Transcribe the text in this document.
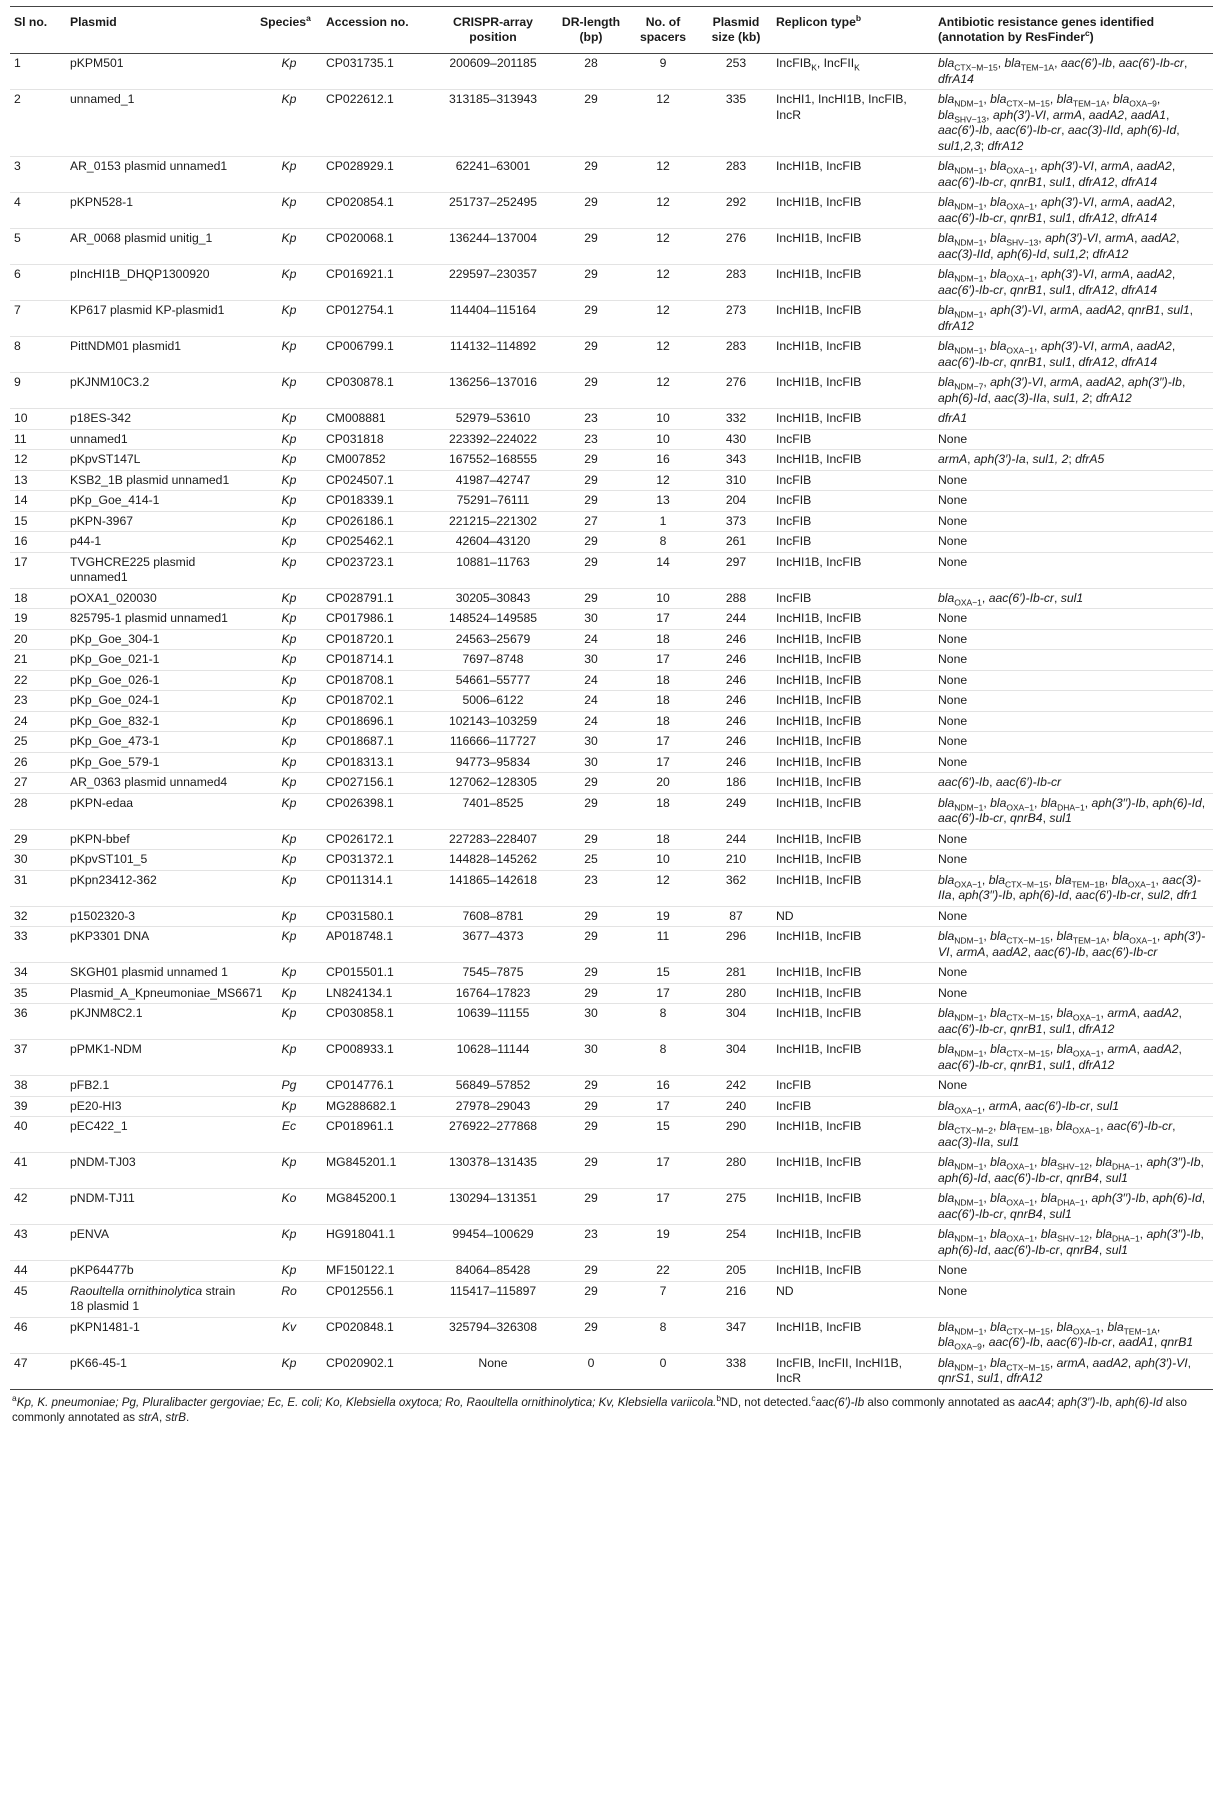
Sl no.	Plasmid	Species$^a$	Accession no.	CRISPR-array position	DR-length (bp)	No. of spacers	Plasmid size (kb)	Replicon type$^b$	Antibiotic resistance genes identified (annotation by ResFinder$^c$)
1	pKPM501	Kp	CP031735.1	200609–201185	28	9	253	IncFIB$_K$, IncFII$_K$	bla$_{CTX-M-15}$, bla$_{TEM-1A}$, aac(6′)-Ib, aac(6′)-Ib-cr, dfrA14
2	unnamed_1	Kp	CP022612.1	313185–313943	29	12	335	IncHI1, IncHI1B, IncFIB, IncR	bla$_{NDM-1}$, bla$_{CTX-M-15}$, bla$_{TEM-1A}$, bla$_{OXA-9}$, bla$_{SHV-13}$, aph(3′)-VI, armA, aadA2, aadA1, aac(6′)-Ib, aac(6′)-Ib-cr, aac(3)-IId, aph(6)-Id, sul1,2,3; dfrA12
3	AR_0153 plasmid unnamed1	Kp	CP028929.1	62241–63001	29	12	283	IncHI1B, IncFIB	bla$_{NDM-1}$, bla$_{OXA-1}$, aph(3′)-VI, armA, aadA2, aac(6′)-Ib-cr, qnrB1, sul1, dfrA12, dfrA14
4	pKPN528-1	Kp	CP020854.1	251737–252495	29	12	292	IncHI1B, IncFIB	bla$_{NDM-1}$, bla$_{OXA-1}$, aph(3′)-VI, armA, aadA2, aac(6′)-Ib-cr, qnrB1, sul1, dfrA12, dfrA14
5	AR_0068 plasmid unitig_1	Kp	CP020068.1	136244–137004	29	12	276	IncHI1B, IncFIB	bla$_{NDM-1}$, bla$_{SHV-13}$, aph(3′)-VI, armA, aadA2, aac(3)-IId, aph(6)-Id, sul1,2; dfrA12
6	pIncHI1B_DHQP1300920	Kp	CP016921.1	229597–230357	29	12	283	IncHI1B, IncFIB	bla$_{NDM-1}$, bla$_{OXA-1}$, aph(3′)-VI, armA, aadA2, aac(6′)-Ib-cr, qnrB1, sul1, dfrA12, dfrA14
7	KP617 plasmid KP-plasmid1	Kp	CP012754.1	114404–115164	29	12	273	IncHI1B, IncFIB	bla$_{NDM-1}$, aph(3′)-VI, armA, aadA2, qnrB1, sul1, dfrA12
8	PittNDM01 plasmid1	Kp	CP006799.1	114132–114892	29	12	283	IncHI1B, IncFIB	bla$_{NDM-1}$, bla$_{OXA-1}$, aph(3′)-VI, armA, aadA2, aac(6′)-Ib-cr, qnrB1, sul1, dfrA12, dfrA14
9	pKJNM10C3.2	Kp	CP030878.1	136256–137016	29	12	276	IncHI1B, IncFIB	bla$_{NDM-7}$, aph(3′)-VI, armA, aadA2, aph(3′′)-Ib, aph(6)-Id, aac(3)-IIa, sul1, 2; dfrA12
10	p18ES-342	Kp	CM008881	52979–53610	23	10	332	IncHI1B, IncFIB	dfrA1
11	unnamed1	Kp	CP031818	223392–224022	23	10	430	IncFIB	None
12	pKpvST147L	Kp	CM007852	167552–168555	29	16	343	IncHI1B, IncFIB	armA, aph(3′)-Ia, sul1, 2; dfrA5
13	KSB2_1B plasmid unnamed1	Kp	CP024507.1	41987–42747	29	12	310	IncFIB	None
14	pKp_Goe_414-1	Kp	CP018339.1	75291–76111	29	13	204	IncFIB	None
15	pKPN-3967	Kp	CP026186.1	221215–221302	27	1	373	IncFIB	None
16	p44-1	Kp	CP025462.1	42604–43120	29	8	261	IncFIB	None
17	TVGHCRE225 plasmid unnamed1	Kp	CP023723.1	10881–11763	29	14	297	IncHI1B, IncFIB	None
18	pOXA1_020030	Kp	CP028791.1	30205–30843	29	10	288	IncFIB	bla$_{OXA-1}$, aac(6′)-Ib-cr, sul1
19	825795-1 plasmid unnamed1	Kp	CP017986.1	148524–149585	30	17	244	IncHI1B, IncFIB	None
20	pKp_Goe_304-1	Kp	CP018720.1	24563–25679	24	18	246	IncHI1B, IncFIB	None
21	pKp_Goe_021-1	Kp	CP018714.1	7697–8748	30	17	246	IncHI1B, IncFIB	None
22	pKp_Goe_026-1	Kp	CP018708.1	54661–55777	24	18	246	IncHI1B, IncFIB	None
23	pKp_Goe_024-1	Kp	CP018702.1	5006–6122	24	18	246	IncHI1B, IncFIB	None
24	pKp_Goe_832-1	Kp	CP018696.1	102143–103259	24	18	246	IncHI1B, IncFIB	None
25	pKp_Goe_473-1	Kp	CP018687.1	116666–117727	30	17	246	IncHI1B, IncFIB	None
26	pKp_Goe_579-1	Kp	CP018313.1	94773–95834	30	17	246	IncHI1B, IncFIB	None
27	AR_0363 plasmid unnamed4	Kp	CP027156.1	127062–128305	29	20	186	IncHI1B, IncFIB	aac(6′)-Ib, aac(6′)-Ib-cr
28	pKPN-edaa	Kp	CP026398.1	7401–8525	29	18	249	IncHI1B, IncFIB	bla$_{NDM-1}$, bla$_{OXA-1}$, bla$_{DHA-1}$, aph(3′′)-Ib, aph(6)-Id, aac(6′)-Ib-cr, qnrB4, sul1
29	pKPN-bbef	Kp	CP026172.1	227283–228407	29	18	244	IncHI1B, IncFIB	None
30	pKpvST101_5	Kp	CP031372.1	144828–145262	25	10	210	IncHI1B, IncFIB	None
31	pKpn23412-362	Kp	CP011314.1	141865–142618	23	12	362	IncHI1B, IncFIB	bla$_{OXA-1}$, bla$_{CTX-M-15}$, bla$_{TEM-1B}$, bla$_{OXA-1}$, aac(3)-IIa, aph(3′′)-Ib, aph(6)-Id, aac(6′)-Ib-cr, sul2, dfr1
32	p1502320-3	Kp	CP031580.1	7608–8781	29	19	87	ND	None
33	pKP3301 DNA	Kp	AP018748.1	3677–4373	29	11	296	IncHI1B, IncFIB	bla$_{NDM-1}$, bla$_{CTX-M-15}$, bla$_{TEM-1A}$, bla$_{OXA-1}$, aph(3′)-VI, armA, aadA2, aac(6′)-Ib, aac(6′)-Ib-cr
34	SKGH01 plasmid unnamed 1	Kp	CP015501.1	7545–7875	29	15	281	IncHI1B, IncFIB	None
35	Plasmid_A_Kpneumoniae_MS6671	Kp	LN824134.1	16764–17823	29	17	280	IncHI1B, IncFIB	None
36	pKJNM8C2.1	Kp	CP030858.1	10639–11155	30	8	304	IncHI1B, IncFIB	bla$_{NDM-1}$, bla$_{CTX-M-15}$, bla$_{OXA-1}$, armA, aadA2, aac(6′)-Ib-cr, qnrB1, sul1, dfrA12
37	pPMK1-NDM	Kp	CP008933.1	10628–11144	30	8	304	IncHI1B, IncFIB	bla$_{NDM-1}$, bla$_{CTX-M-15}$, bla$_{OXA-1}$, armA, aadA2, aac(6′)-Ib-cr, qnrB1, sul1, dfrA12
38	pFB2.1	Pg	CP014776.1	56849–57852	29	16	242	IncFIB	None
39	pE20-HI3	Kp	MG288682.1	27978–29043	29	17	240	IncFIB	bla$_{OXA-1}$, armA, aac(6′)-Ib-cr, sul1
40	pEC422_1	Ec	CP018961.1	276922–277868	29	15	290	IncHI1B, IncFIB	bla$_{CTX-M-2}$, bla$_{TEM-1B}$, bla$_{OXA-1}$, aac(6′)-Ib-cr, aac(3)-IIa, sul1
41	pNDM-TJ03	Kp	MG845201.1	130378–131435	29	17	280	IncHI1B, IncFIB	bla$_{NDM-1}$, bla$_{OXA-1}$, bla$_{SHV-12}$, bla$_{DHA-1}$, aph(3′′)-Ib, aph(6)-Id, aac(6′)-Ib-cr, qnrB4, sul1
42	pNDM-TJ11	Ko	MG845200.1	130294–131351	29	17	275	IncHI1B, IncFIB	bla$_{NDM-1}$, bla$_{OXA-1}$, bla$_{DHA-1}$, aph(3′′)-Ib, aph(6)-Id, aac(6′)-Ib-cr, qnrB4, sul1
43	pENVA	Kp	HG918041.1	99454–100629	23	19	254	IncHI1B, IncFIB	bla$_{NDM-1}$, bla$_{OXA-1}$, bla$_{SHV-12}$, bla$_{DHA-1}$, aph(3′′)-Ib, aph(6)-Id, aac(6′)-Ib-cr, qnrB4, sul1
44	pKP64477b	Kp	MF150122.1	84064–85428	29	22	205	IncHI1B, IncFIB	None
45	Raoultella ornithinolytica strain 18 plasmid 1	Ro	CP012556.1	115417–115897	29	7	216	ND	None
46	pKPN1481-1	Kv	CP020848.1	325794–326308	29	8	347	IncHI1B, IncFIB	bla$_{NDM-1}$, bla$_{CTX-M-15}$, bla$_{OXA-1}$, bla$_{TEM-1A}$, bla$_{OXA-9}$, aac(6′)-Ib, aac(6′)-Ib-cr, aadA1, qnrB1
47	pK66-45-1	Kp	CP020902.1	None	0	0	338	IncFIB, IncFII, IncHI1B, IncR	bla$_{NDM-1}$, bla$_{CTX-M-15}$, armA, aadA2, aph(3′)-VI, qnrS1, sul1, dfrA12
$^a$Kp, K. pneumoniae; Pg, Pluralibacter gergoviae; Ec, E. coli; Ko, Klebsiella oxytoca; Ro, Raoultella ornithinolytica; Kv, Klebsiella variicola.$^b$ND, not detected.$^c$aac(6′)-Ib also commonly annotated as aacA4; aph(3′′)-Ib, aph(6)-Id also commonly annotated as strA, strB.
